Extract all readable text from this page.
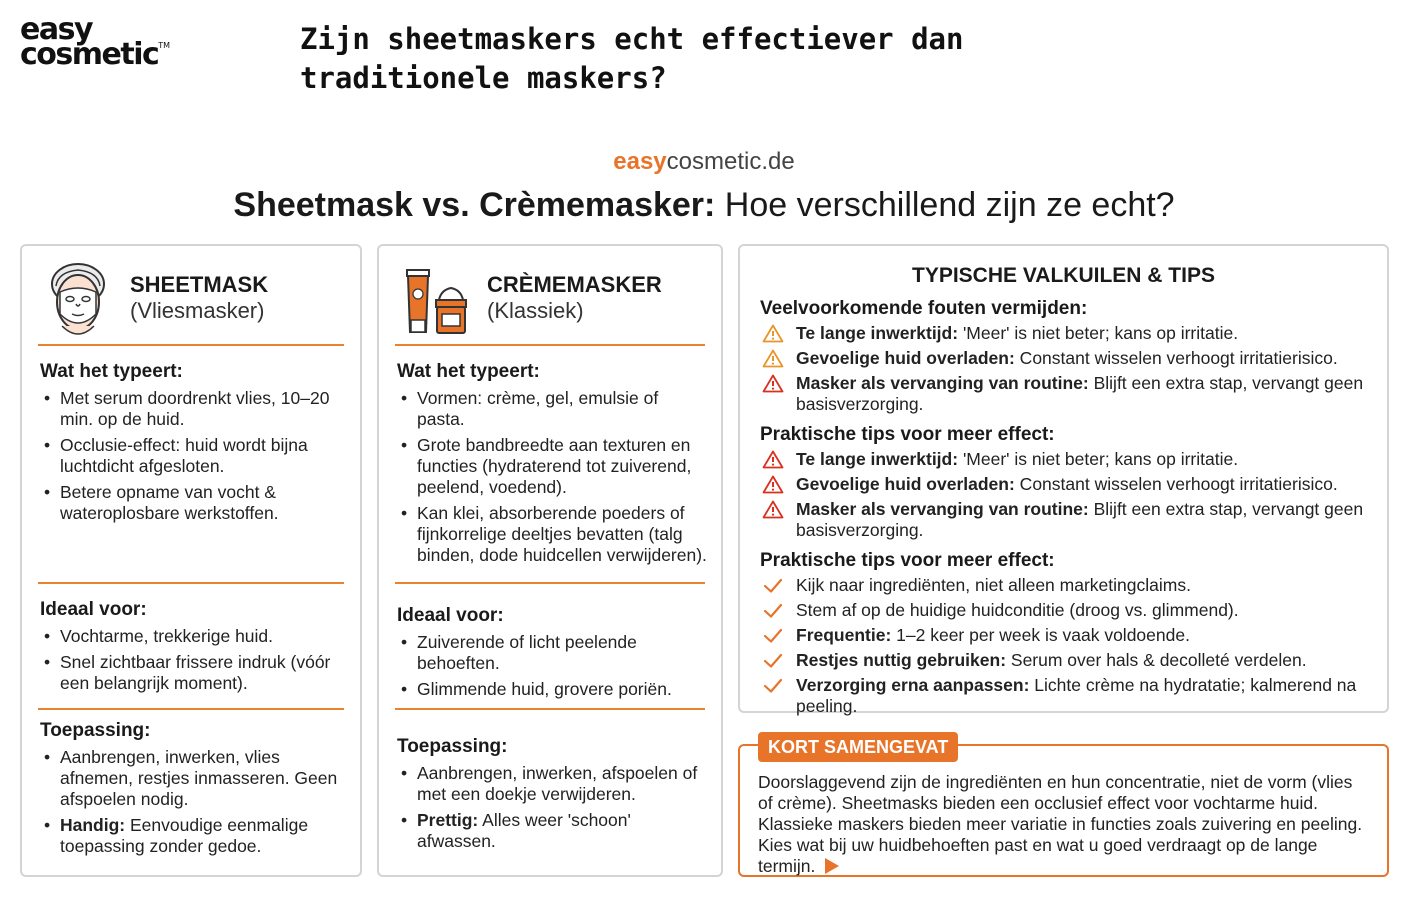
easy
cosmetic™	Zijn sheetmaskers echt effectiever dan traditionele maskers?
easycosmetic.de
Sheetmask vs. Crèmemasker: Hoe verschillend zijn ze echt?
SHEETMASK
(Vliesmasker)
Wat het typeert:
• Met serum doordrenkt vlies, 10–20 min. op de huid.
• Occlusie-effect: huid wordt bijna luchtdicht afgesloten.
• Betere opname van vocht & wateroplosbare werkstoffen.
Ideaal voor:
• Vochtarme, trekkerige huid.
• Snel zichtbaar frissere indruk (vóór een belangrijk moment).
Toepassing:
• Aanbrengen, inwerken, vlies afnemen, restjes inmasseren. Geen afspoelen nodig.
• Handig: Eenvoudige eenmalige toepassing zonder gedoe.
CRÈMEMASKER
(Klassiek)
Wat het typeert:
• Vormen: crème, gel, emulsie of pasta.
• Grote bandbreedte aan texturen en functies (hydraterend tot zuiverend, peelend, voedend).
• Kan klei, absorberende poeders of fijnkorrelige deeltjes bevatten (talg binden, dode huidcellen verwijderen).
Ideaal voor:
• Zuiverende of licht peelende behoeften.
• Glimmende huid, grovere poriën.
Toepassing:
• Aanbrengen, inwerken, afspoelen of met een doekje verwijderen.
• Prettig: Alles weer 'schoon' afwassen.
TYPISCHE VALKUILEN & TIPS
Veelvoorkomende fouten vermijden:
Te lange inwerktijd: 'Meer' is niet beter; kans op irritatie.
Gevoelige huid overladen: Constant wisselen verhoogt irritatierisico.
Masker als vervanging van routine: Blijft een extra stap, vervangt geen basisverzorging.
Praktische tips voor meer effect:
Te lange inwerktijd: 'Meer' is niet beter; kans op irritatie.
Gevoelige huid overladen: Constant wisselen verhoogt irritatierisico.
Masker als vervanging van routine: Blijft een extra stap, vervangt geen basisverzorging.
Praktische tips voor meer effect:
Kijk naar ingrediënten, niet alleen marketingclaims.
Stem af op de huidige huidconditie (droog vs. glimmend).
Frequentie: 1–2 keer per week is vaak voldoende.
Restjes nuttig gebruiken: Serum over hals & decolleté verdelen.
Verzorging erna aanpassen: Lichte crème na hydratatie; kalmerend na peeling.
KORT SAMENGEVAT
Doorslaggevend zijn de ingrediënten en hun concentratie, niet de vorm (vlies of crème). Sheetmasks bieden een occlusief effect voor vochtarme huid. Klassieke maskers bieden meer variatie in functies zoals zuivering en peeling. Kies wat bij uw huidbehoeften past en wat u goed verdraagt op de lange termijn.
